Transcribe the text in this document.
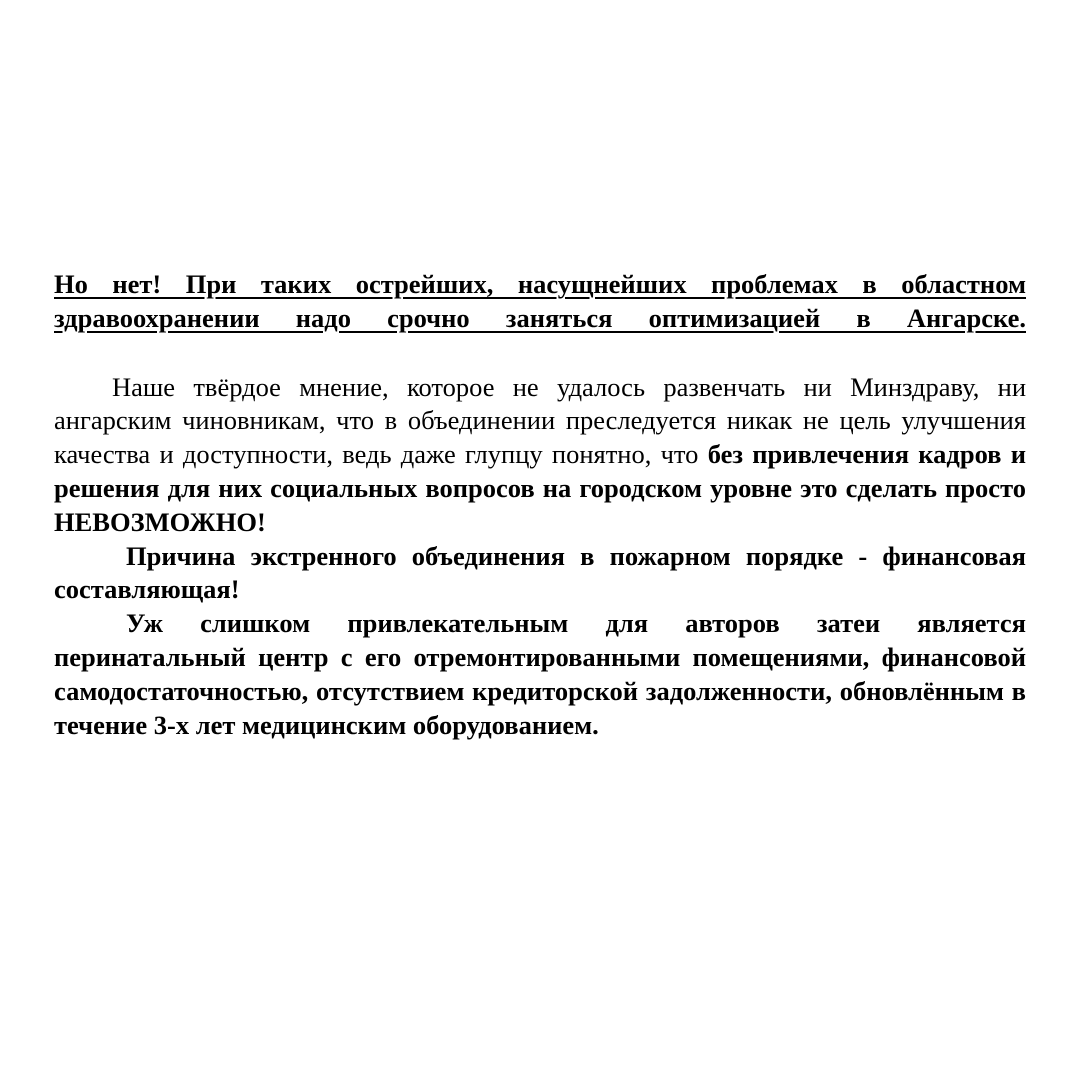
Но нет! При таких острейших, насущнейших проблемах в областном
здравоохранении надо срочно заняться оптимизацией в Ангарске.

Наше твёрдое мнение, которое не удалось развенчать ни Минздраву, ни ангарским чиновникам, что в объединении преследуется никак не цель улучшения качества и доступности, ведь даже глупцу понятно, что без привлечения кадров и решения для них социальных вопросов на городском уровне это сделать просто НЕВОЗМОЖНО!

Причина экстренного объединения в пожарном порядке - финансовая составляющая!

Уж слишком привлекательным для авторов затеи является перинатальный центр с его отремонтированными помещениями, финансовой самодостаточностью, отсутствием кредиторской задолженности, обновлённым в течение 3-х лет медицинским оборудованием.
